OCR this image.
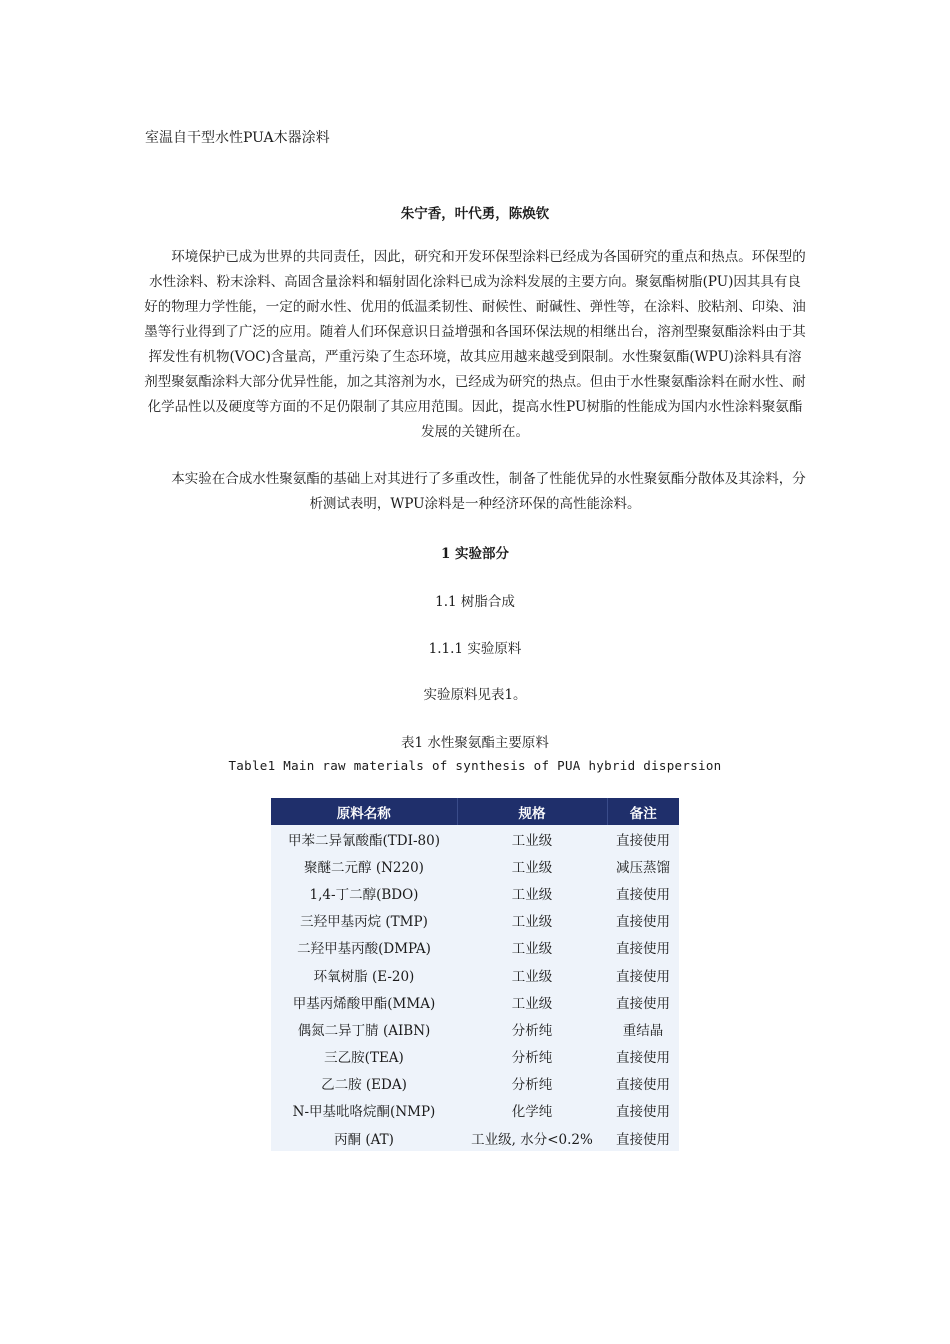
室温自干型水性PUA木器涂料
朱宁香，叶代勇，陈焕钦

环境保护已成为世界的共同责任，因此，研究和开发环保型涂料已经成为各国研究的重点和热点。环保型的水性涂料、粉末涂料、高固含量涂料和辐射固化涂料已成为涂料发展的主要方向。聚氨酯树脂(PU)因其具有良好的物理力学性能，一定的耐水性、优用的低温柔韧性、耐候性、耐碱性、弹性等，在涂料、胶粘剂、印染、油墨等行业得到了广泛的应用。随着人们环保意识日益增强和各国环保法规的相继出台，溶剂型聚氨酯涂料由于其挥发性有机物(VOC)含量高，严重污染了生态环境，故其应用越来越受到限制。水性聚氨酯(WPU)涂料具有溶剂型聚氨酯涂料大部分优异性能，加之其溶剂为水，已经成为研究的热点。但由于水性聚氨酯涂料在耐水性、耐化学品性以及硬度等方面的不足仍限制了其应用范围。因此，提高水性PU树脂的性能成为国内水性涂料聚氨酯发展的关键所在。

本实验在合成水性聚氨酯的基础上对其进行了多重改性，制备了性能优异的水性聚氨酯分散体及其涂料，分析测试表明，WPU涂料是一种经济环保的高性能涂料。

1 实验部分
1.1 树脂合成
1.1.1 实验原料
实验原料见表1。
表1 水性聚氨酯主要原料
Table1 Main raw materials of synthesis of PUA hybrid dispersion
原料名称	规格	备注
甲苯二异氰酸酯(TDI-80)	工业级	直接使用
聚醚二元醇 (N220)	工业级	减压蒸馏
1,4-丁二醇(BDO)	工业级	直接使用
三羟甲基丙烷 (TMP)	工业级	直接使用
二羟甲基丙酸(DMPA)	工业级	直接使用
环氧树脂 (E-20)	工业级	直接使用
甲基丙烯酸甲酯(MMA)	工业级	直接使用
偶氮二异丁腈 (AIBN)	分析纯	重结晶
三乙胺(TEA)	分析纯	直接使用
乙二胺 (EDA)	分析纯	直接使用
N-甲基吡咯烷酮(NMP)	化学纯	直接使用
丙酮 (AT)	工业级, 水分<0.2%	直接使用
